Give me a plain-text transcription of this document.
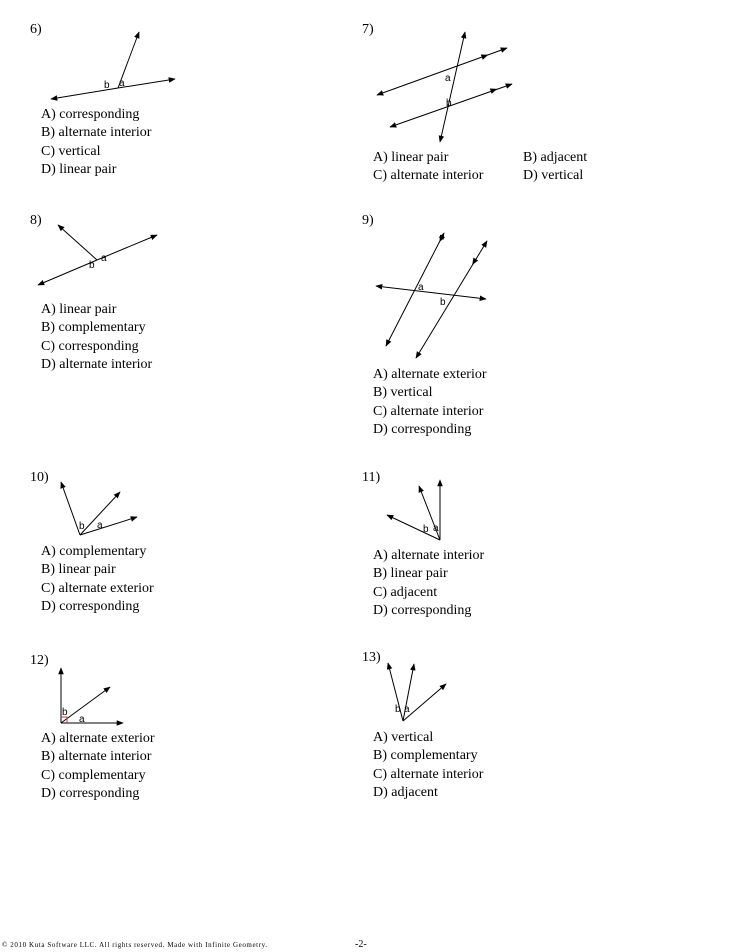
6)
b a
A) corresponding
B) alternate interior
C) vertical
D) linear pair
7)
a
b
A) linear pair	B) adjacent
C) alternate interior	D) vertical
8)
a
b
A) linear pair
B) complementary
C) corresponding
D) alternate interior
9)
a
b
A) alternate exterior
B) vertical
C) alternate interior
D) corresponding
10)
b a
A) complementary
B) linear pair
C) alternate exterior
D) corresponding
11)
b a
A) alternate interior
B) linear pair
C) adjacent
D) corresponding
12)
b
a
A) alternate exterior
B) alternate interior
C) complementary
D) corresponding
13)
b a
A) vertical
B) complementary
C) alternate interior
D) adjacent
© 2010 Kuta Software LLC. All rights reserved. Made with Infinite Geometry.	-2-
